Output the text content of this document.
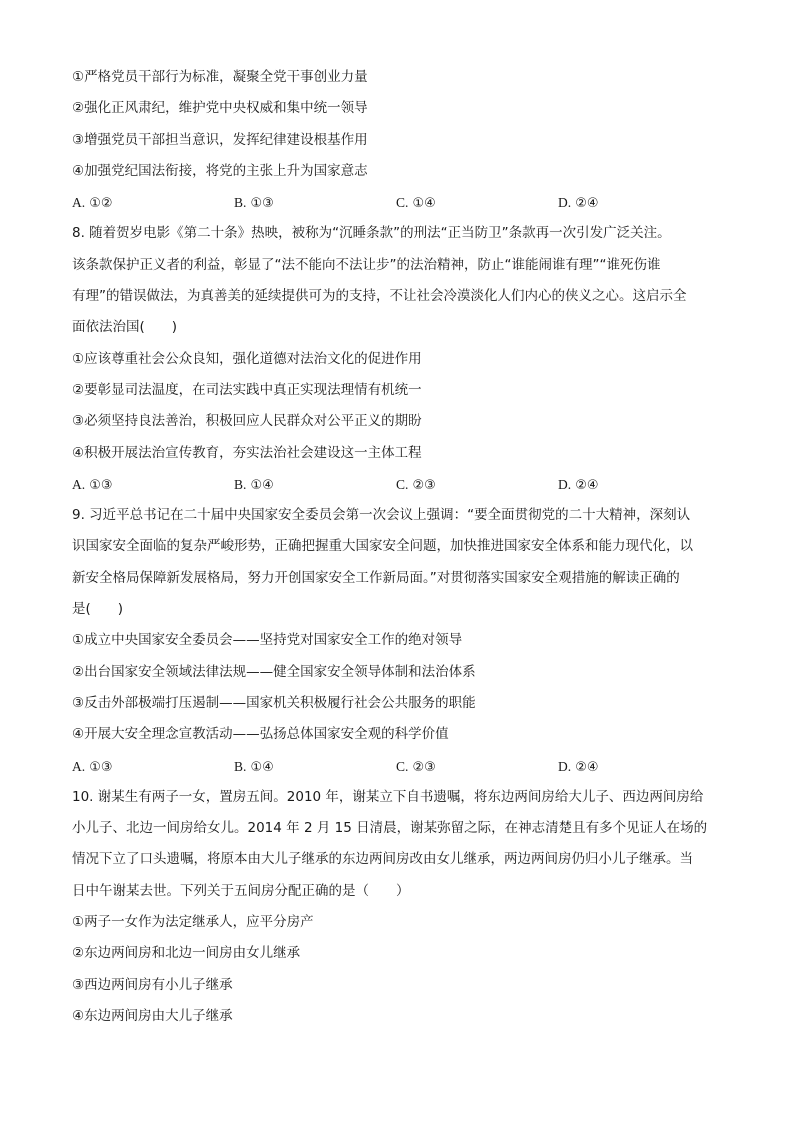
①严格党员干部行为标准，凝聚全党干事创业力量
②强化正风肃纪，维护党中央权威和集中统一领导
③增强党员干部担当意识，发挥纪律建设根基作用
④加强党纪国法衔接，将党的主张上升为国家意志
A. ①②	B. ①③	C. ①④	D. ②④
8. 随着贺岁电影《第二十条》热映，被称为“沉睡条款”的刑法“正当防卫”条款再一次引发广泛关注。
该条款保护正义者的利益，彰显了“法不能向不法让步”的法治精神，防止“谁能闹谁有理”“谁死伤谁
有理”的错误做法，为真善美的延续提供可为的支持，不让社会冷漠淡化人们内心的侠义之心。这启示全
面依法治国(　　)
①应该尊重社会公众良知，强化道德对法治文化的促进作用
②要彰显司法温度，在司法实践中真正实现法理情有机统一
③必须坚持良法善治，积极回应人民群众对公平正义的期盼
④积极开展法治宣传教育，夯实法治社会建设这一主体工程
A. ①③	B. ①④	C. ②③	D. ②④
9. 习近平总书记在二十届中央国家安全委员会第一次会议上强调：“要全面贯彻党的二十大精神，深刻认
识国家安全面临的复杂严峻形势，正确把握重大国家安全问题，加快推进国家安全体系和能力现代化，以
新安全格局保障新发展格局，努力开创国家安全工作新局面。”对贯彻落实国家安全观措施的解读正确的
是(　　)
①成立中央国家安全委员会——坚持党对国家安全工作的绝对领导
②出台国家安全领域法律法规——健全国家安全领导体制和法治体系
③反击外部极端打压遏制——国家机关积极履行社会公共服务的职能
④开展大安全理念宣教活动——弘扬总体国家安全观的科学价值
A. ①③	B. ①④	C. ②③	D. ②④
10. 谢某生有两子一女，置房五间。2010 年，谢某立下自书遗嘱，将东边两间房给大儿子、西边两间房给
小儿子、北边一间房给女儿。2014 年 2 月 15 日清晨，谢某弥留之际，在神志清楚且有多个见证人在场的
情况下立了口头遗嘱，将原本由大儿子继承的东边两间房改由女儿继承，两边两间房仍归小儿子继承。当
日中午谢某去世。下列关于五间房分配正确的是（　　）
①两子一女作为法定继承人，应平分房产
②东边两间房和北边一间房由女儿继承
③西边两间房有小儿子继承
④东边两间房由大儿子继承
